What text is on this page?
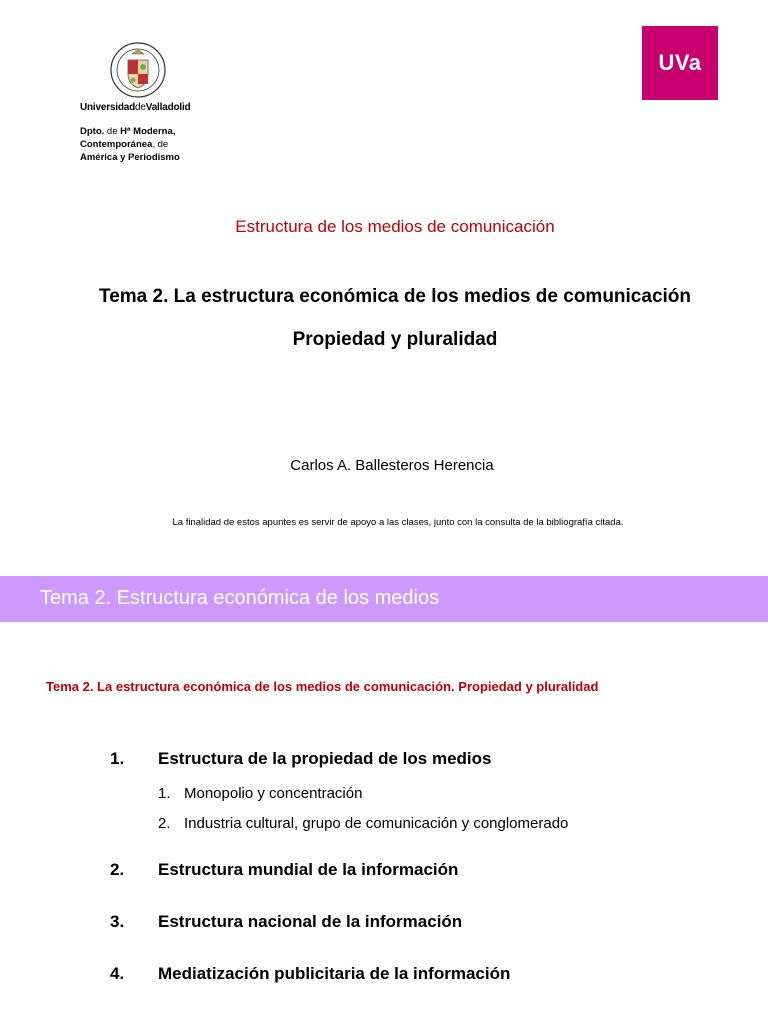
UniversidaddeValladolid
Dpto. de Hª Moderna,
Contemporánea, de
América y Periodismo
UVa
Estructura de los medios de comunicación
Tema 2. La estructura económica de los medios de comunicación
Propiedad y pluralidad
Carlos A. Ballesteros Herencia
La finalidad de estos apuntes es servir de apoyo a las clases, junto con la consulta de la bibliografía citada.
Tema 2. Estructura económica de los medios
Tema 2. La estructura económica de los medios de comunicación. Propiedad y pluralidad
1. Estructura de la propiedad de los medios
1. Monopolio y concentración
2. Industria cultural, grupo de comunicación y conglomerado
2. Estructura mundial de la información
3. Estructura nacional de la información
4. Mediatización publicitaria de la información
